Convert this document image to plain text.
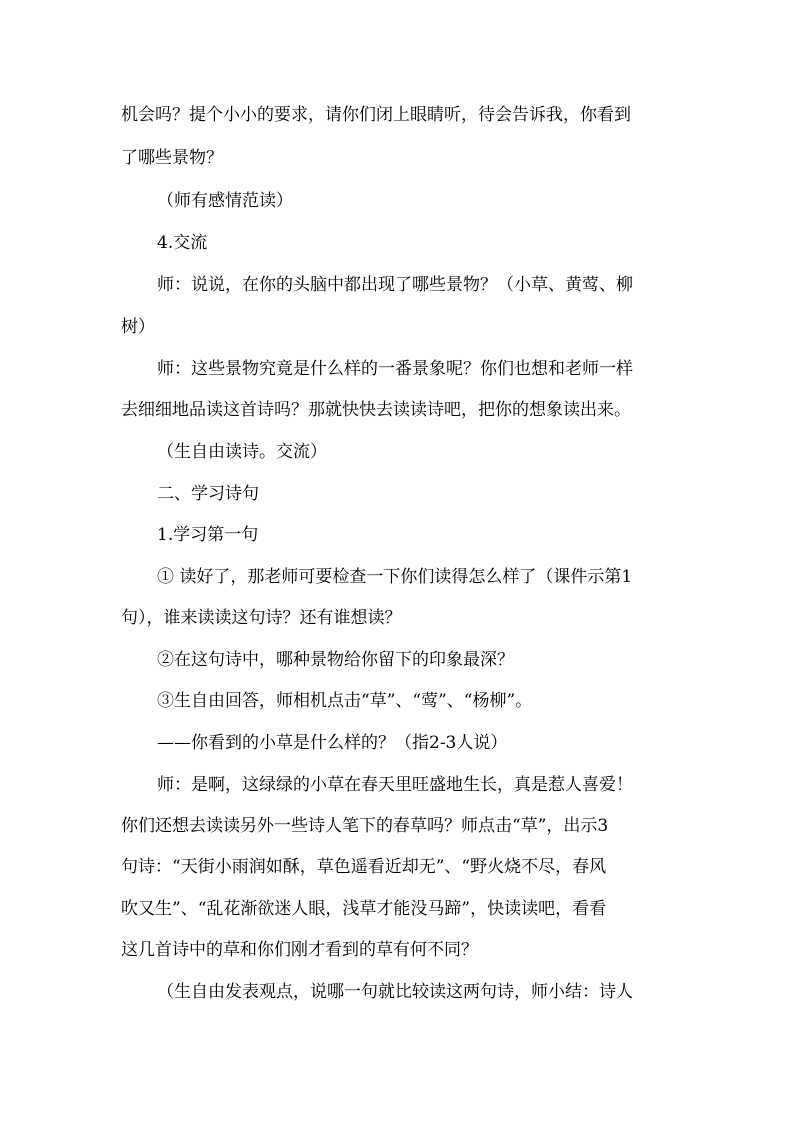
机会吗？提个小小的要求，请你们闭上眼睛听，待会告诉我，你看到
了哪些景物？
（师有感情范读）
4.交流
师：说说，在你的头脑中都出现了哪些景物？（小草、黄莺、柳
树）
师：这些景物究竟是什么样的一番景象呢？你们也想和老师一样
去细细地品读这首诗吗？那就快快去读读诗吧，把你的想象读出来。
（生自由读诗。交流）
二、学习诗句
1.学习第一句
① 读好了，那老师可要检查一下你们读得怎么样了（课件示第1
句），谁来读读这句诗？还有谁想读？
②在这句诗中，哪种景物给你留下的印象最深？
③生自由回答，师相机点击“草”、“莺”、“杨柳”。
——你看到的小草是什么样的？（指2-3人说）
师：是啊，这绿绿的小草在春天里旺盛地生长，真是惹人喜爱！
你们还想去读读另外一些诗人笔下的春草吗？师点击“草”，出示3
句诗：“天街小雨润如酥，草色遥看近却无”、“野火烧不尽，春风
吹又生”、“乱花渐欲迷人眼，浅草才能没马蹄”，快读读吧，看看
这几首诗中的草和你们刚才看到的草有何不同？
（生自由发表观点，说哪一句就比较读这两句诗，师小结：诗人
